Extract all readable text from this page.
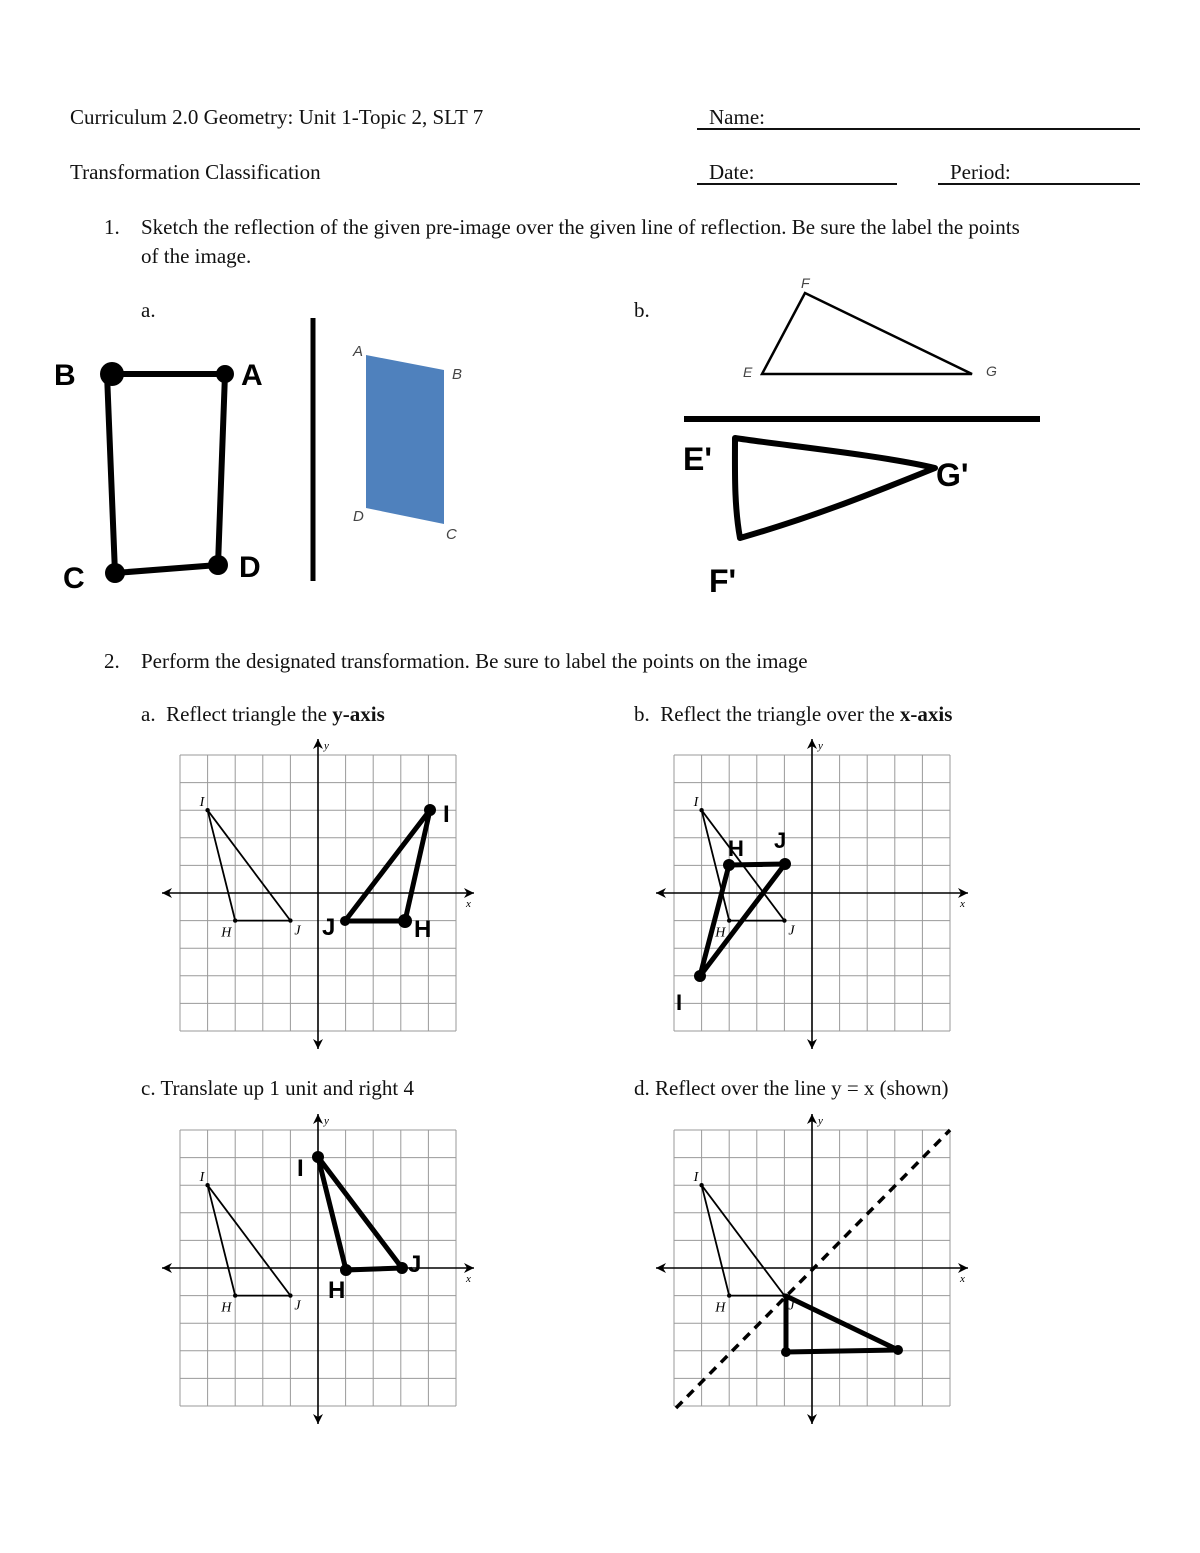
Curriculum 2.0 Geometry: Unit 1-Topic 2, SLT 7
Transformation Classification
Name:
Date:	Period:
1. Sketch the reflection of the given pre-image over the given line of reflection. Be sure the label the points
of the image.
a.	b.
B	A
C	D
A
B
C
D
F
E	G
E'	G'
F'
2. Perform the designated transformation. Be sure to label the points on the image
a.  Reflect triangle the y-axis	b.  Reflect the triangle over the x-axis
c. Translate up 1 unit and right 4	d. Reflect over the line y = x (shown)
x
y
I
H	J
x
y
I
H	J
x
y
I
H	J
x
y
I
H	J
I
J	H
H J
I
I
J
H
